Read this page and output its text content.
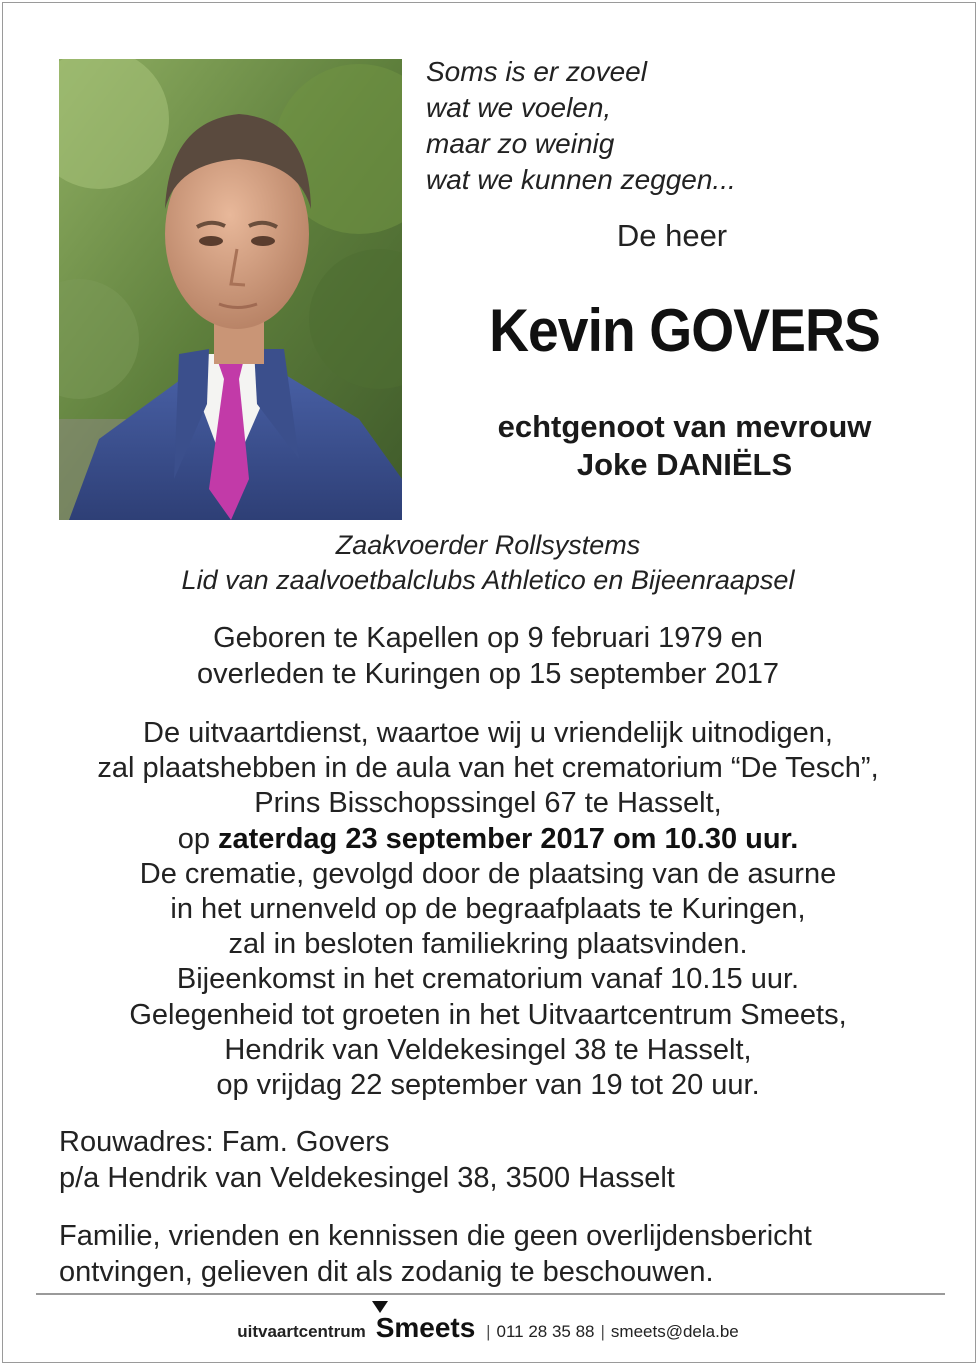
Soms is er zoveel
wat we voelen,
maar zo weinig
wat we kunnen zeggen...
De heer
Kevin GOVERS
echtgenoot van mevrouw
Joke DANIËLS
Zaakvoerder Rollsystems
Lid van zaalvoetbalclubs Athletico en Bijeenraapsel
Geboren te Kapellen op 9 februari 1979 en
overleden te Kuringen op 15 september 2017
De uitvaartdienst, waartoe wij u vriendelijk uitnodigen,
zal plaatshebben in de aula van het crematorium “De Tesch”,
Prins Bisschopssingel 67 te Hasselt,
op zaterdag 23 september 2017 om 10.30 uur.
De crematie, gevolgd door de plaatsing van de asurne
in het urnenveld op de begraafplaats te Kuringen,
zal in besloten familiekring plaatsvinden.
Bijeenkomst in het crematorium vanaf 10.15 uur.
Gelegenheid tot groeten in het Uitvaartcentrum Smeets,
Hendrik van Veldekesingel 38 te Hasselt,
op vrijdag 22 september van 19 tot 20 uur.
Rouwadres: Fam. Govers
p/a Hendrik van Veldekesingel 38, 3500 Hasselt
Familie, vrienden en kennissen die geen overlijdensbericht
ontvingen, gelieven dit als zodanig te beschouwen.
uitvaartcentrum Smeets | 011 28 35 88 | smeets@dela.be
